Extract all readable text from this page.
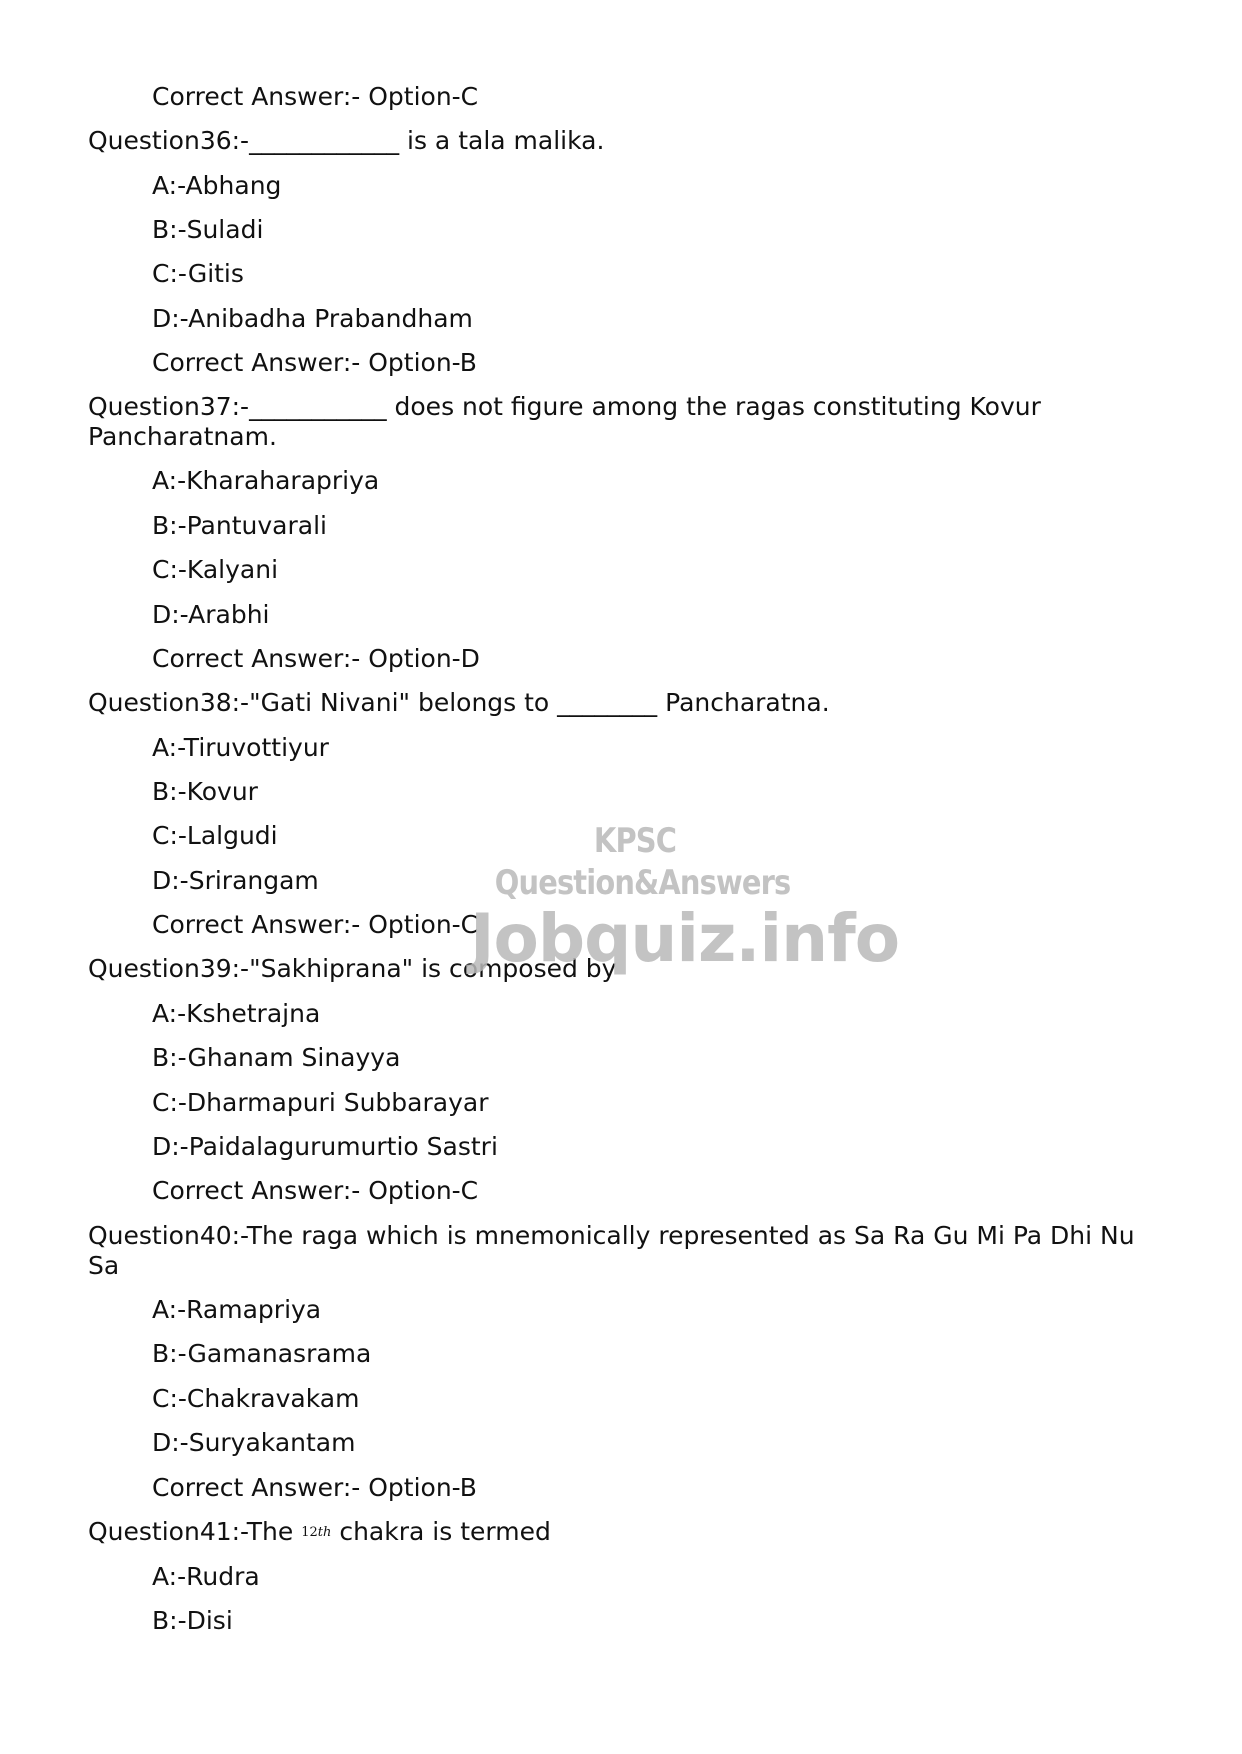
Correct Answer:- Option-C
Question36:-____________ is a tala malika.
A:-Abhang
B:-Suladi
C:-Gitis
D:-Anibadha Prabandham
Correct Answer:- Option-B
Question37:-___________ does not figure among the ragas constituting Kovur Pancharatnam.
A:-Kharaharapriya
B:-Pantuvarali
C:-Kalyani
D:-Arabhi
Correct Answer:- Option-D
Question38:-"Gati Nivani" belongs to ________ Pancharatna.
A:-Tiruvottiyur
B:-Kovur
C:-Lalgudi
D:-Srirangam
Correct Answer:- Option-C
Question39:-"Sakhiprana" is composed by
A:-Kshetrajna
B:-Ghanam Sinayya
C:-Dharmapuri Subbarayar
D:-Paidalagurumurtio Sastri
Correct Answer:- Option-C
Question40:-The raga which is mnemonically represented as Sa Ra Gu Mi Pa Dhi Nu Sa
A:-Ramapriya
B:-Gamanasrama
C:-Chakravakam
D:-Suryakantam
Correct Answer:- Option-B
Question41:-The $^{12th}$ chakra is termed
A:-Rudra
B:-Disi
KPSC Question&Answers
Jobquiz.info
